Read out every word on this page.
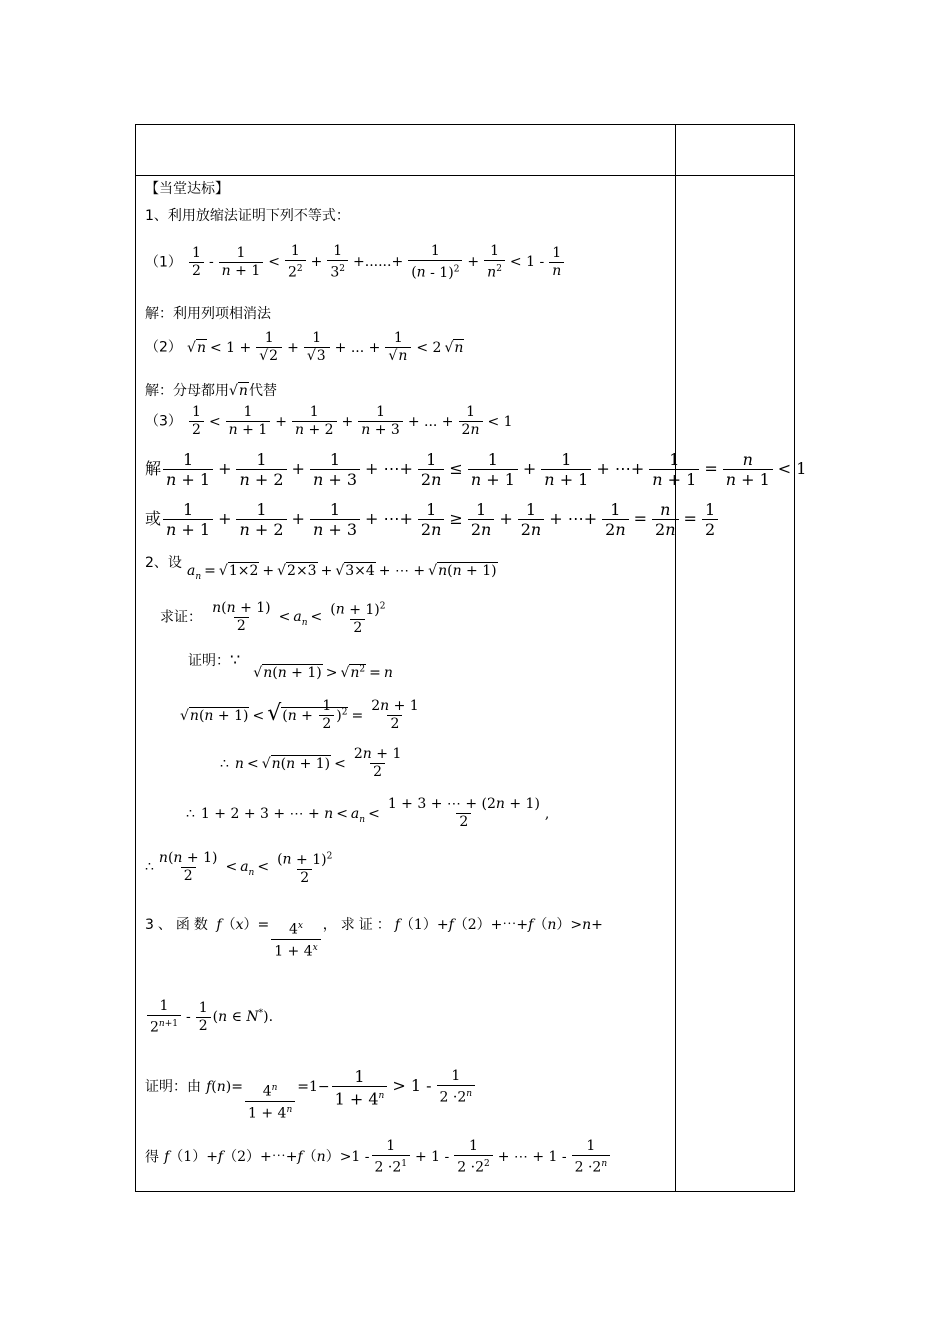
【当堂达标】
1、利用放缩法证明下列不等式：
$(1) \frac{1}{2} - \frac{1}{n + 1} < \frac{1}{2^2} + \frac{1}{3^2}$ +......+ $\frac{1}{(n - 1)^2} + \frac{1}{n^2} < 1 - \frac{1}{n}$
解：利用列项相消法
（2） $√n < 1 + \frac{1}{√2} + \frac{1}{√3}$ + ... + $\frac{1}{√n} < 2$ √n
解：分母都用√n代替
$(3) \frac{1}{2} < \frac{1}{n + 1} + \frac{1}{n + 2} + \frac{1}{n + 3}$ + ... + $\frac{1}{2n} < 1$
解 $\frac{1}{n + 1} + \frac{1}{n + 2} + \frac{1}{n + 3}$ + ⋯+ $\frac{1}{2n} \le \frac{1}{n + 1} + \frac{1}{n + 1}$ + ⋯+ $\frac{1}{n + 1} = \frac{n}{n + 1} < 1$
或 $\frac{1}{n + 1} + \frac{1}{n + 2} + \frac{1}{n + 3}$ + ⋯+ $\frac{1}{2n} \ge \frac{1}{2n} + \frac{1}{2n}$ + ⋯+ $\frac{1}{2n} = \frac{n}{2n} = \frac{1}{2}$
2、设 $a_n = √1\times 2 + √2\times 3 + √3\times 4$ + ⋯ + √n(n + 1)
求证： $\frac{n(n + 1)}{2} < a_n < \frac{(n + 1)^2}{2}$
证明：∵ $√n(n + 1) > √n^2 = n$
$√n(n + 1) < √(n + \frac{1}{2} )^2 = \frac{2n + 1}{2}$
∴ $n < √n(n + 1) < \frac{2n + 1}{2}$
∴ 1 + 2 + 3 + ⋯ + $n < a_n < \frac{1 + 3 + \cdots + (2n + 1)}{2}$ ,
∴ $\frac{n(n + 1)}{2} < a_n < \frac{(n + 1)^2}{2}$
3、函数 $f(x)= \frac{4^x}{1 + 4^x}$ ，求证：f（1）+f（2）+⋯+f（n）>n+
$\frac{1}{2^{n+1}} - \frac{1}{2} (n$ ∈ N*).
证明：由 $f(n)= \frac{4^n}{1 + 4^n} =1- \frac{1}{1 + 4^n} > 1 - \frac{1}{2 \cdot 2^n}$
得 f（1）+f（2）+⋯+f（n）>1 - $\frac{1}{2 \cdot 2^1} + 1 - \frac{1}{2 \cdot 2^2}$ + ⋯ + $1 - \frac{1}{2 \cdot 2^n}$
